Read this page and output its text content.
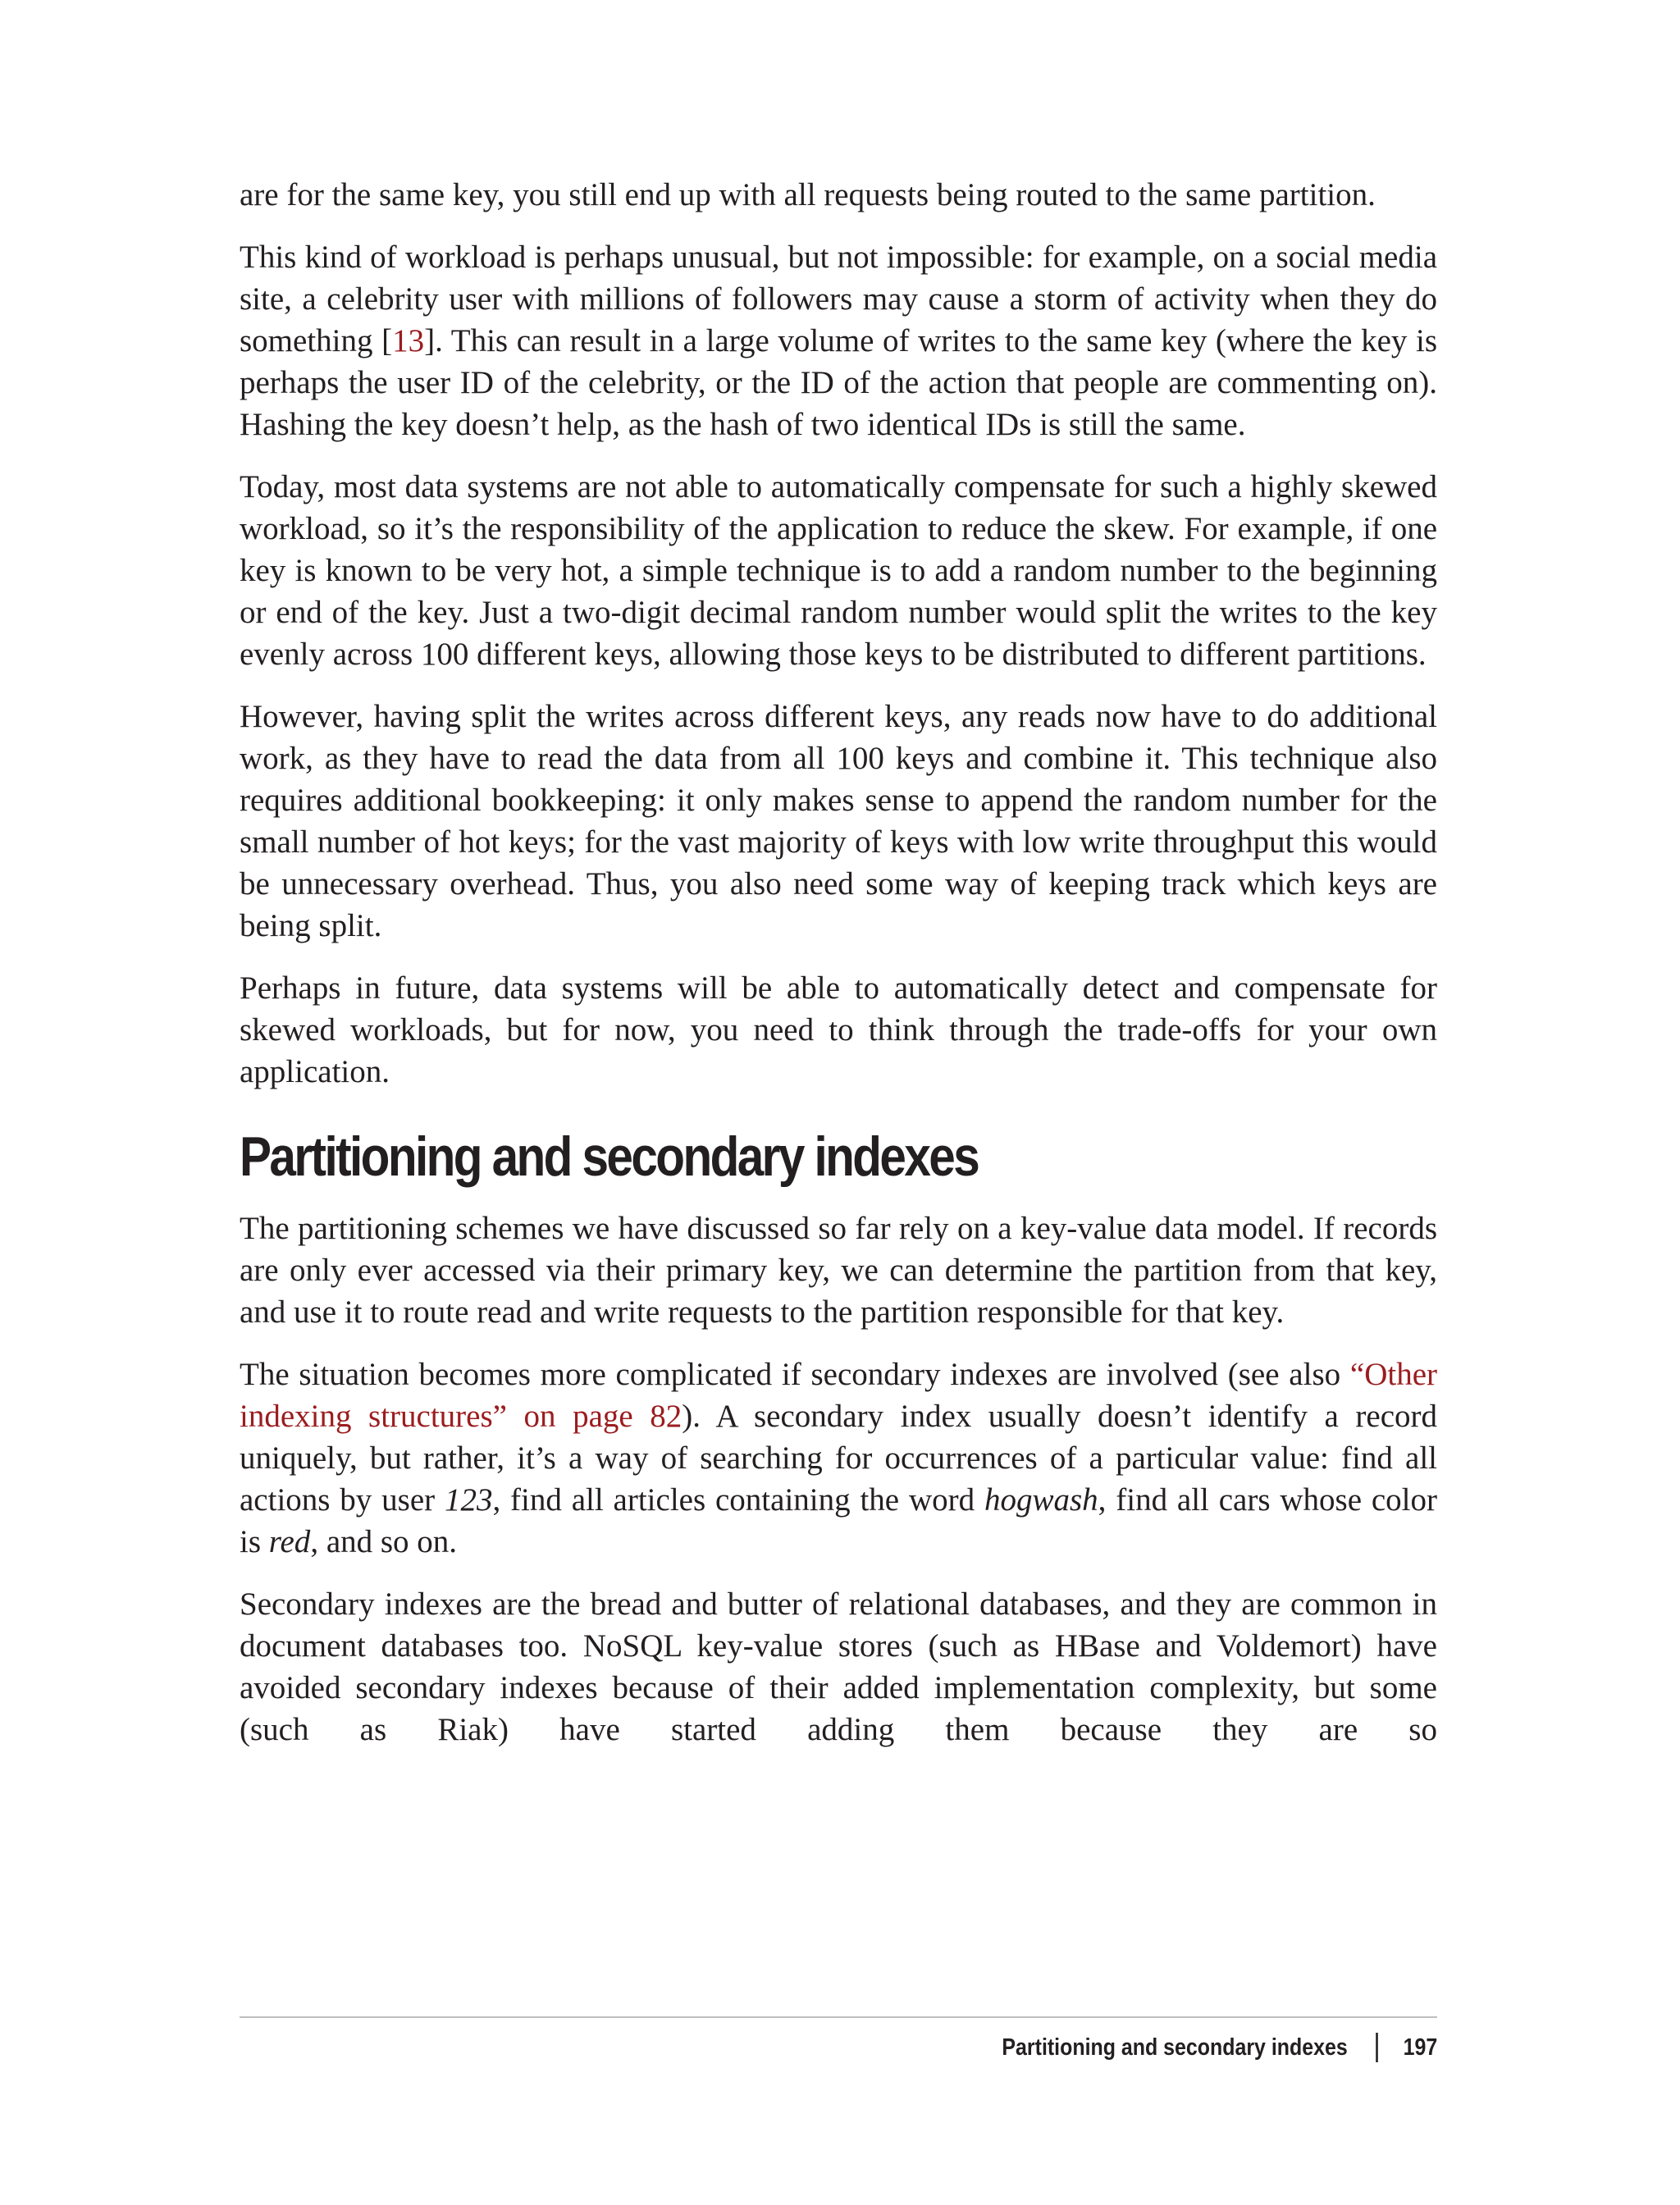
are for the same key, you still end up with all requests being routed to the same partition.

This kind of workload is perhaps unusual, but not impossible: for example, on a social media site, a celebrity user with millions of followers may cause a storm of activity when they do something [13]. This can result in a large volume of writes to the same key (where the key is perhaps the user ID of the celebrity, or the ID of the action that people are commenting on). Hashing the key doesn’t help, as the hash of two identical IDs is still the same.

Today, most data systems are not able to automatically compensate for such a highly skewed workload, so it’s the responsibility of the application to reduce the skew. For example, if one key is known to be very hot, a simple technique is to add a random number to the beginning or end of the key. Just a two-digit decimal random number would split the writes to the key evenly across 100 different keys, allowing those keys to be distributed to different partitions.

However, having split the writes across different keys, any reads now have to do additional work, as they have to read the data from all 100 keys and combine it. This technique also requires additional bookkeeping: it only makes sense to append the random number for the small number of hot keys; for the vast majority of keys with low write throughput this would be unnecessary overhead. Thus, you also need some way of keeping track which keys are being split.

Perhaps in future, data systems will be able to automatically detect and compensate for skewed workloads, but for now, you need to think through the trade-offs for your own application.

Partitioning and secondary indexes

The partitioning schemes we have discussed so far rely on a key-value data model. If records are only ever accessed via their primary key, we can determine the partition from that key, and use it to route read and write requests to the partition responsible for that key.

The situation becomes more complicated if secondary indexes are involved (see also “Other indexing structures” on page 82). A secondary index usually doesn’t identify a record uniquely, but rather, it’s a way of searching for occurrences of a particular value: find all actions by user 123, find all articles containing the word hogwash, find all cars whose color is red, and so on.

Secondary indexes are the bread and butter of relational databases, and they are common in document databases too. NoSQL key-value stores (such as HBase and Voldemort) have avoided secondary indexes because of their added implementation complexity, but some (such as Riak) have started adding them because they are so

Partitioning and secondary indexes 197
